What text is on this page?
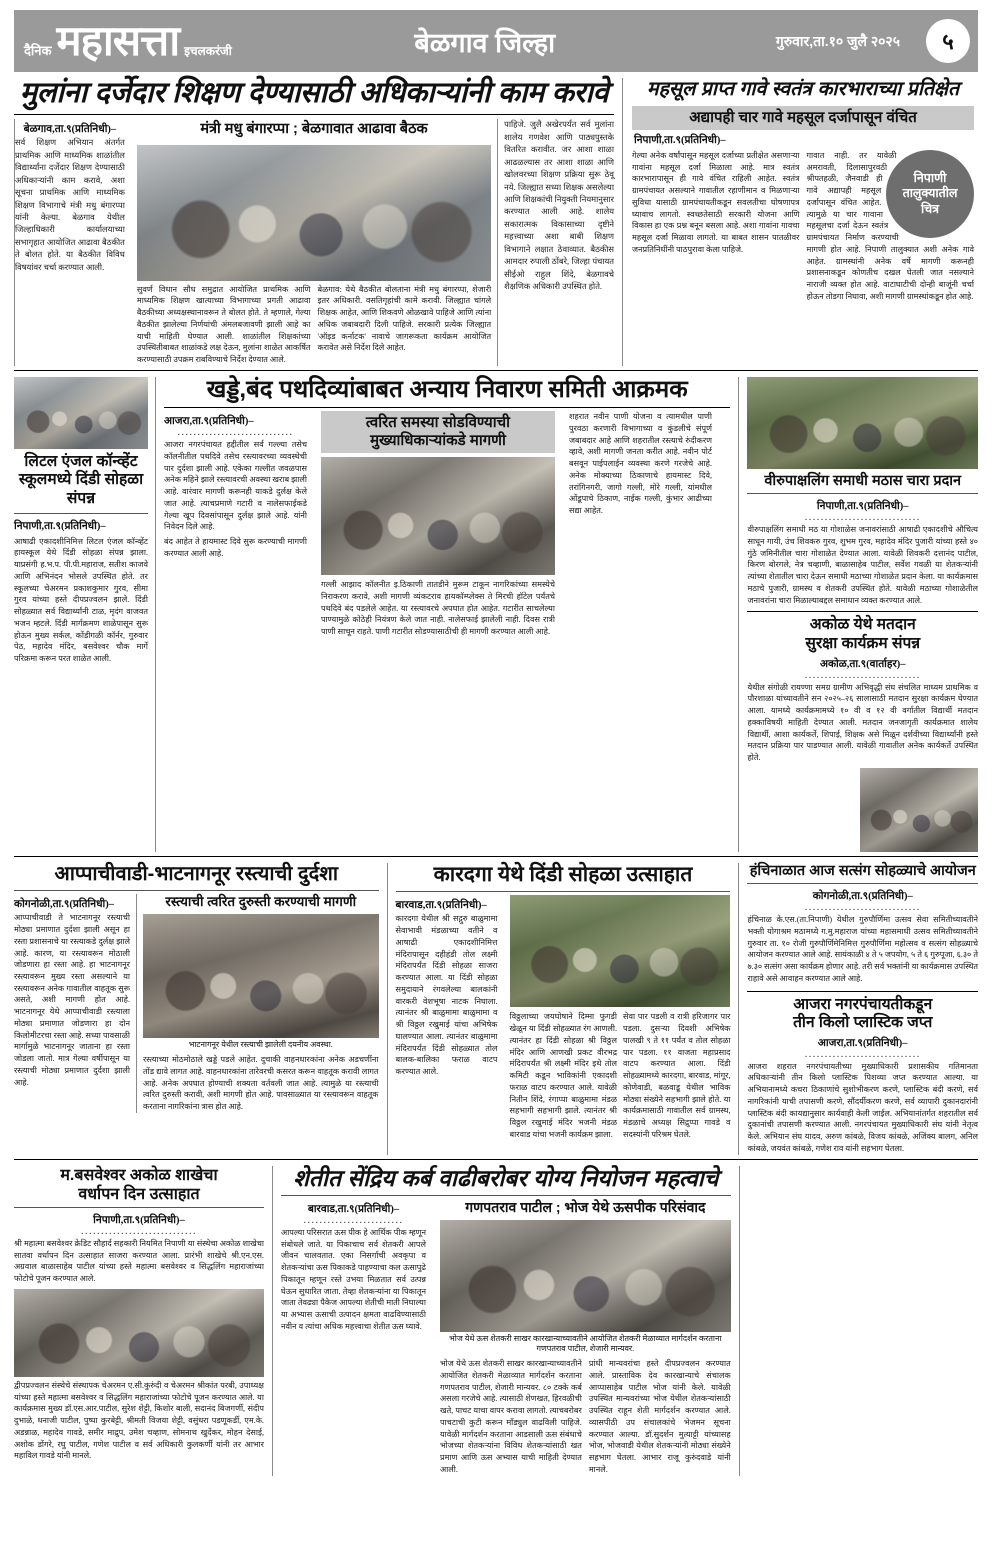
दैनिक महासत्ता इचलकरंजी	बेळगाव जिल्हा	गुरुवार,ता.१० जुलै २०२५	५
मुलांना दर्जेदार शिक्षण देण्यासाठी अधिकाऱ्यांनी काम करावे
बेळगाव,ता.९(प्रतिनिधी)–
सर्व शिक्षण अभियान अंतर्गत प्राथमिक आणि माध्यमिक शाळांतील विद्यार्थ्यांना दर्जेदार शिक्षण देण्यासाठी अधिकाऱ्यांनी काम करावे, अशा सूचना प्राथमिक आणि माध्यमिक शिक्षण विभागाचे मंत्री मधु बंगारप्पा यांनी केल्या. बेळगाव येथील जिल्हाधिकारी कार्यालयाच्या सभागृहात आयोजित आढावा बैठकीत ते बोलत होते. या बैठकीत विविध विषयांवर चर्चा करण्यात आली.
मंत्री मधु बंगारप्पा ; बेळगावात आढावा बैठक
सुवर्ण विधान सौध समुद्रात आयोजित प्राथमिक आणि माध्यमिक शिक्षण खात्याच्या विभागाच्या प्रगती आढावा बैठकीच्या अध्यक्षस्थानावरून ते बोलत होते. ते म्हणाले, गेल्या बैठकीत झालेल्या निर्णयांची अंमलबजावणी झाली आहे का याची माहिती घेण्यात आली. शाळांतील शिक्षकांच्या उपस्थितीबाबत शाळांकडे लक्ष देऊन, मुलांना शाळेत आकर्षित करण्यासाठी उपक्रम राबविण्याचे निर्देश देण्यात आले.
बेळगाव: येथे बैठकीत बोलताना मंत्री मधु बंगारप्पा, शेजारी इतर अधिकारी. वसतिगृहांची कामे करावी. जिल्ह्यात चांगले शिक्षक आहेत, आणि शिकवणे ओळखावे पाहिजे आणि त्यांना अधिक जबाबदारी दिली पाहिजे. सरकारी प्रत्येक जिल्ह्यात 'ऑइड कर्नाटक' नावाचे जागरूकता कार्यक्रम आयोजित करावेत असे निर्देश दिले आहेत.
पाहिजे. जुलै अखेरपर्यंत सर्व मुलांना शालेय गणवेश आणि पाठ्यपुस्तके वितरित करावीत. जर आशा शाळा आढळल्यास तर आशा शाळा आणि खोलवरच्या शिक्षण प्रक्रिया सुरू ठेवू नये. जिल्ह्यात सध्या शिक्षक असलेल्या आणि शिक्षकांची नियुक्ती नियमानुसार करण्यात आली आहे. शालेय सकारात्मक विकासाच्या दृष्टीने महत्त्वाच्या अशा बाबी शिक्षण विभागाने लक्षात ठेवाव्यात. बैठकीस आमदार रुपाली ठोंबरे, जिल्हा पंचायत सीईओ राहुल शिंदे, बेळगावचे शैक्षणिक अधिकारी उपस्थित होते.
महसूल प्राप्त गावे स्वतंत्र कारभाराच्या प्रतिक्षेत
अद्यापही चार गावे महसूल दर्जापासून वंचित
निपाणी,ता.९(प्रतिनिधी)–
गेल्या अनेक वर्षांपासून महसूल दर्जाच्या प्रतीक्षेत असणाऱ्या गावांना महसूल दर्जा मिळाला आहे. मात्र स्वतंत्र कारभारापासून ही गावे वंचित राहिली आहेत. स्वतंत्र ग्रामपंचायत असल्याने गावातील रहाणीमान व मिळणाऱ्या सुविधा यासाठी ग्रामपंचायतीकडून सवलतीचा घोषणापत्र घ्यावाच लागतो. स्वच्छतेसाठी सरकारी योजना आणि विकास हा एक प्रश्न बनून बसला आहे. अशा गावांना गावचा महसूल दर्जा मिळावा लागतो. या बाबत शासन पातळीवर जनप्रतिनिधींनी पाठपुरावा केला पाहिजे.
निपाणी
तालुक्यातील
चित्र
गावात नाही. तर यावेळी अमरावती, दिलासापुरवठी श्रीपतहळी, जैनवाडी ही गावे अद्यापही महसूल दर्जापासून वंचित आहेत. त्यामुळे या चार गावाना महसूलचा दर्जा देऊन स्वतंत्र ग्रामपंचायत निर्माण करण्याची मागणी होत आहे. निपाणी तालुक्यात अशी अनेक गावे आहेत. ग्रामस्थांनी अनेक वर्षे मागणी करूनही प्रशासनाकडून कोणतीच दखल घेतली जात नसल्याने नाराजी व्यक्त होत आहे. वाटाघाटीची दोन्ही बाजूंनी चर्चा होऊन तोडगा निघावा, अशी मागणी ग्रामस्थांकडून होत आहे.
लिटल एंजल कॉन्व्हेंट
स्कूलमध्ये दिंडी सोहळा संपन्न
निपाणी,ता.९(प्रतिनिधी)–
आषाढी एकादशीनिमित्त लिटल एंजल कॉन्व्हेंट हायस्कूल येथे दिंडी सोहळा संपन्न झाला. याप्रसंगी ह.भ.प. पी.पी.महाराज, सतीश काजवे आणि अभिनंदन भोसले उपस्थित होते. तर स्कूलच्या चेअरमन प्रकाशकुमार गुरव, सीमा गुरव यांच्या हस्ते दीपप्रज्वलन झाले. दिंडी सोहळ्यात सर्व विद्यार्थ्यांनी टाळ, मृदंग वाजवत भजन म्हटले. दिंडी मार्गक्रमण शाळेपासून सुरू होऊन मुख्य सर्कल, कोंडीगळी कॉर्नर, गुरुवार पेठ, महादेव मंदिर, बसवेश्वर चौक मार्गे परिक्रमा करून परत शाळेत आली.
खड्डे,बंद पथदिव्यांबाबत अन्याय निवारण समिती आक्रमक
आजरा,ता.९(प्रतिनिधी)–
.............................
आजरा नगरपंचायत हद्दीतील सर्व गल्ल्या तसेच कॉलनीतील पथदिवे तसेच रस्त्यावरच्या व्यवस्थेची पार दुर्दशा झाली आहे. एकेका गल्लीत जवळपास अनेक महिने झाले रस्त्यावरची अवस्था खराब झाली आहे. वारंवार मागणी करूनही याकडे दुर्लक्ष केले जात आहे. त्याचप्रमाणे गटारी व नालेसफाईकडे गेल्या खूप दिवसांपासून दुर्लक्ष झाले आहे. यांनी निवेदन दिले आहे.
बंद आहेत ते हायमास्ट दिवे सुरू करण्याची मागणी करण्यात आली आहे.
त्वरित समस्या सोडविण्याची मुख्याधिकाऱ्यांकडे मागणी
गल्ली आझाद कॉलनीत इ.ठिकाणी तातडीने मुरूम टाकून नागरिकांच्या समस्येचे निराकरण करावे, अशी मागणी व्यंकटराव हायकॉम्प्लेक्स ते मिरची हॉटेल पर्यंतचे पथदिवे बंद पडलेले आहेत. या रस्त्यावरचे अपघात होत आहेत. गटारीत साचलेल्या पाण्यामुळे कोठेही नियंत्रण केले जात नाही. नालेसफाई झालेली नाही. दिवस रात्री पाणी साचून राहते. पाणी गटारीत सोडण्यासाठीची ही मागणी करण्यात आली आहे.
शहरात नवीन पाणी योजना व त्यामधील पाणी पुरवठा करणारी विभागाच्या व कुंडलीचे संपूर्ण जबाबदार आहे आणि शहरातील रस्त्याचे रुंदीकरण व्हावे, अशी मागणी जनता करीत आहे. नवीन पोर्ट बसवून पाईपलाईन व्यवस्था करणे गरजेचे आहे. अनेक मोक्याच्या ठिकाणाचे हायमास्ट दिवे, तरांगिनगरी, जागो गल्ली, मोरे गल्ली, यांमधील ओंडूपाचे ठिकाण, नाईक गल्ली, कुंभार आढीच्या सद्या आहेत.
वीरुपाक्षलिंग समाधी मठास चारा प्रदान
निपाणी,ता.९(प्रतिनिधी)–
.............................
वीरुपाक्षलिंग समाधी मठ या गोशाळेस जनावरांसाठी आषाढी एकादशीचे औचित्य साधून गायी, उंच शिवकरु गुरव, शुभम गुरव, महादेव मंदिर पुजारी यांच्या हस्ते ४० गुंठे जमिनीतील चारा गोशाळेत देण्यात आला. यावेळी शिवकरी दत्तानंद पाटील, किरण बोरगले, नेत्र चव्हाणी, बाळासाहेब पाटील, सर्वेश गवळी या शेतकऱ्यांनी त्यांच्या शेतातील चारा देऊन समाधी मठाच्या गोशाळेत प्रदान केला. या कार्यक्रमास मठाचे पुजारी, ग्रामस्थ व शेतकरी उपस्थित होते. यावेळी मठाच्या गोशाळेतील जनावरांना चारा मिळाल्याबद्दल समाधान व्यक्त करण्यात आले.
अकोळ येथे मतदान
सुरक्षा कार्यक्रम संपन्न
अकोळ,ता.९(वार्ताहर)–
.............................
येथील संगोळी रायण्णा समग्र ग्रामीण अभिवृद्धी संघ संचलित माध्यम प्राथमिक व पौरशाळा यांच्यावतीने सन २०२५–२६ सालासाठी मतदान सुरक्षा कार्यक्रम घेण्यात आला. यामध्ये कार्यक्रमामध्ये १० वी व १२ वी वर्गातील विद्यार्थी मतदान हक्काविषयी माहिती देण्यात आली. मतदान जनजागृती कार्यक्रमात शालेय विद्यार्थी, आशा कार्यकर्ते, शिपाई, शिक्षक असे मिळून दर्शवीच्या विद्यार्थ्यांनी हस्ते मतदान प्रक्रिया पार पाडण्यात आली. यावेळी गावातील अनेक कार्यकर्ते उपस्थित होते.
आप्पाचीवाडी-भाटनागनूर रस्त्याची दुर्दशा
कोगनोळी,ता.९(प्रतिनिधी)–
आप्पाचीवाडी ते भाटनागनूर रस्त्याची मोठ्या प्रमाणात दुर्दशा झाली असून हा रस्ता प्रशासनाचे या रस्त्याकडे दुर्लक्ष झाले आहे. कारण, या रस्त्यावरून मोठाली जोडणारा हा रस्ता आहे. हा भाटनागनूर रस्त्यावरून मुख्य रस्ता असल्याने या रस्त्यावरून अनेक गावातील वाहतूक सुरू असते, अशी मागणी होत आहे. भाटनागनूर येथे आप्पाचीवाडी रस्त्याला मोठ्या प्रमाणात जोडणारा हा दोन किलोमीटरचा रस्ता आहे. सध्या पावसाळी मार्गामुळे भाटनागनूर जाताना हा रस्ता जोडला जातो. मात्र गेल्या वर्षीपासून या रस्त्याची मोठ्या प्रमाणात दुर्दशा झाली आहे.
रस्त्याची त्वरित दुरुस्ती करण्याची मागणी
भाटनागनूर येथील रस्त्याची झालेली दयनीय अवस्था.
रस्त्याच्या मोठमोठाले खड्डे पडले आहेत. दुचाकी वाहनधारकांना अनेक अडचणींना तोंड द्यावे लागत आहे. वाहनधारकांना तारेवरची कसरत करून वाहतूक करावी लागत आहे. अनेक अपघात होण्याची शक्यता वर्तवली जात आहे. त्यामुळे या रस्त्याची त्वरित दुरुस्ती करावी, अशी मागणी होत आहे. पावसाळ्यात या रस्त्यावरून वाहतूक करताना नागरिकांना त्रास होत आहे.
कारदगा येथे दिंडी सोहळा उत्साहात
बारवाड,ता.९(प्रतिनिधी)–
कारदगा येथील श्री सद्गुरु बाळुमामा सेवाभावी मंडळाच्या वतीने व आषाढी एकादशीनिमित्त मंदिरापासून दहीहंडी तोल लक्ष्मी मंदिरापर्यंत दिंडी सोहळा साजरा करण्यात आला. या दिंडी सोहळा समुदायाने रंगवलेल्या बालकांनी वारकरी वेशभूषा नाटक निघाला. त्यानंतर श्री बाळुमामा बाळुमामा व श्री विठ्ठल रखुमाई यांचा अभिषेक घालण्यात आला. त्यानंतर बाळुमामा मंदिरापर्यंत दिंडी सोहळ्यात तोल बालक-बालिका फराळ वाटप करण्यात आले.
विठ्ठलाच्या जयघोषाने दिम्मा फुगडी खेळून या दिंडी सोहळ्यात रंग आणली. त्यानंतर हा दिंडी सोहळा श्री विठ्ठल मंदिर आणि आणखी प्रकट वीरभद्र मंदिरापर्यंत श्री लक्ष्मी मंदिर इथे तोल कमिटी कडून भाविकांनी एकादशी फराळ वाटप करण्यात आले. यावेळी नितीन शिंदे, रंगाप्पा बाळुमामा मंडळ सहभागी सहभागी झाले. त्यानंतर श्री विठ्ठल रखुमाई मंदिर भजनी मंडळ बारवाड यांचा भजनी कार्यक्रम झाला.
सेवा पार पडली व रात्री हरिजागर पार पडला. दुसऱ्या दिवशी अभिषेक पालखी ९ ते ११ पर्यंत व तोल सोहळा पार पडला. ११ वाजता महाप्रसाद वाटप करण्यात आला. दिंडी सोहळ्यामध्ये कारदगा, बारवाड, मांगूर, कोणेवाडी, बळवाडू येथील भाविक मोठ्या संख्येने सहभागी झाले होते. या कार्यक्रमासाठी गावातील सर्व ग्रामस्थ, मंडळाचे अध्यक्ष सिद्रुप्पा गावडे व सदस्यांनी परिश्रम घेतले.
हंचिनाळात आज सत्संग सोहळ्याचे आयोजन
कोगनोळी,ता.९(प्रतिनिधी)–
.............................
हंचिनाळ के.एस.(ता.निपाणी) येथील गुरुपौर्णिमा उत्सव सेवा समितीच्यावतीने भक्ती योगाश्रम मठामध्ये ग.मु.महाराज यांच्या महासमाधी उत्सव समितीच्यावतीने गुरुवार ता. १० रोजी गुरुपौर्णिमेनिमित्त गुरुपौर्णिमा महोत्सव व सत्संग सोहळ्याचे आयोजन करण्यात आले आहे. सायंकाळी ४ ते ५ जपयोग, ५ ते ६ गुरुपूजा, ६.३० ते ७.३० सत्संग असा कार्यक्रम होणार आहे. तरी सर्व भक्तांनी या कार्यक्रमास उपस्थित राहावे असे आवाहन करण्यात आले आहे.
आजरा नगरपंचायतीकडून
तीन किलो प्लास्टिक जप्त
आजरा,ता.९(प्रतिनिधी)–
.............................
आजरा शहरात नगरपंचायतीच्या मुख्याधिकारी प्रशासकीय गतिमानता अधिकाऱ्यांनी तीन किलो प्लास्टिक पिशव्या जप्त करण्यात आल्या. या अभियानामध्ये कचरा ठिकाणांचे सुशोभीकरण करणे, प्लास्टिक बंदी करणे, सर्व नागरिकांनी याची तपासणी करणे, सौंदर्यीकरण करणे, सर्व व्यापारी दुकानदारांनी प्लास्टिक बंदी कायद्यानुसार कार्यवाही केली जाईल. अभियानांतर्गत शहरातील सर्व दुकानांची तपासणी करण्यात आली. नगरपंचायत मुख्याधिकारी संघ यांनी नेतृत्व केले. अभियान संघ यादव, अरुण कांबळे, विजय कांबळे, अजिंक्य बालग, अनिल कांबळे, जयवंत कांबळे, गणेश राव यांनी सहभाग घेतला.
म.बसवेश्वर अकोळ शाखेचा
वर्धापन दिन उत्साहात
निपाणी,ता.९(प्रतिनिधी)–
.............................
श्री महात्मा बसवेश्वर क्रेडिट सौहार्द सहकारी नियमित निपाणी या संस्थेचा अकोळ शाखेचा सातवा वर्धापन दिन उत्साहात साजरा करण्यात आला. प्रारंभी शाखेचे श्री.एन.एस. अग्रवाल बाळासाहेब पाटील यांच्या हस्ते महात्मा बसवेश्वर व सिद्धलिंग महाराजांच्या फोटोचे पूजन करण्यात आले.
द्वीपप्रज्वलन संस्थेचे संस्थापक चेअरमन ए.सी.कुरुंदी व चेअरमन श्रीकांत परबी, उपाध्यक्ष यांच्या हस्ते महात्मा बसवेश्वर व सिद्धलिंग महाराजांच्या फोटोचे पूजन करण्यात आले. या कार्यक्रमास मुख्य डॉ.एस.आर.पाटील, सुरेश शेट्टी, किशोर बाली, सदानंद बिजगर्णी, संदीप दुभाळे, धनाजी पाटील, पुष्पा कुरबेट्टी, श्रीमती विजया शेट्टी, वसुंधरा पडणूकर्डी, एम.के. अडन्नाळ, महादेव गावडे, समीर माद्रुप, उमेश चव्हाण, सोमनाथ खुर्देकर, मोहन देसाई, अशोक डोंगरे, रघु पाटील, गणेश पाटील व सर्व अधिकारी कुलकर्णी यांनी तर आभार महाविल गावडे यांनी मानले.
शेतीत सेंद्रिय कर्ब वाढीबरोबर योग्य नियोजन महत्वाचे
बारवाड,ता.९(प्रतिनिधी)–
.........................
आपल्या परिसरात ऊस पीक हे आर्थिक पीक म्हणून संबोधले जाते. या पिकाचाच सर्व शेतकरी आपले जीवन चालवतात. एका निसर्गाची अवकृपा व शेतकऱ्यांचा ऊस पिकाकडे पाहण्याचा कल ऊसापुढे पिकातून म्हणून रस्ते उभया मिळतात सर्व उत्पन्न घेऊन सुधारित जाता. तेव्हा शेतकऱ्यांना या पिकातून जाता तेवढ्या पैकेज आपल्या शेतीची माती निघाल्या या अभ्यास ऊसाची उत्पादन क्षमता वाढविण्यासाठी नवीन व त्यांचा अधिक महत्त्वाचा शेतीत ऊस घ्यावे.
गणपतराव पाटील ; भोज येथे ऊसपीक परिसंवाद
भोज येथे ऊस शेतकरी साखर कारखान्याच्यावतीने आयोजित शेतकरी मेळाव्यात मार्गदर्शन करताना गणपतराव पाटील, शेजारी मान्यवर.
भोज येथे ऊस शेतकरी साखर कारखान्याच्यावतीने आयोजित शेतकरी मेळाव्यात मार्गदर्शन करताना गणपतराव पाटील, शेजारी मान्यवर. ८० टक्के कर्ब असला गरजेचे आहे. त्यासाठी शेणखत, हिरवळीची खते, पाचट याचा वापर करावा लागतो. त्याचबरोबर पाचटाची कुटी करून माँड्युल वाढविली पाहिजे. यावेळी मार्गदर्शन करताना आडसाली ऊस संबंधाचे भोजच्या शेतकऱ्यांना विविध शेतकऱ्यांसाठी खत प्रमाण आणि ऊस अभ्यास याची माहिती देण्यात आली.
प्रांधी मान्यवरांचा हस्ते दीपप्रज्वलन करण्यात आले. प्रास्ताविक देव कारखान्याचे संचालक आप्पासाहेब पाटील भोज यांनी केले. यावेळी उपस्थित मान्यवरांच्या भोज येथील शेतकऱ्यांसाठी उपस्थित राहून शेती मार्गदर्शन करण्यात आले. व्यासपीठी उप संचालकांचे भेजमन सूचना करण्यात आल्या. डॉ.सुदर्शन मुत्याट्टी यांच्यासह भोज, भोजवाडी येथील शेतकऱ्यांनी मोठ्या संख्येने सहभाग घेतला. आभार राजू कुरुंदवाडे यांनी मानले.
